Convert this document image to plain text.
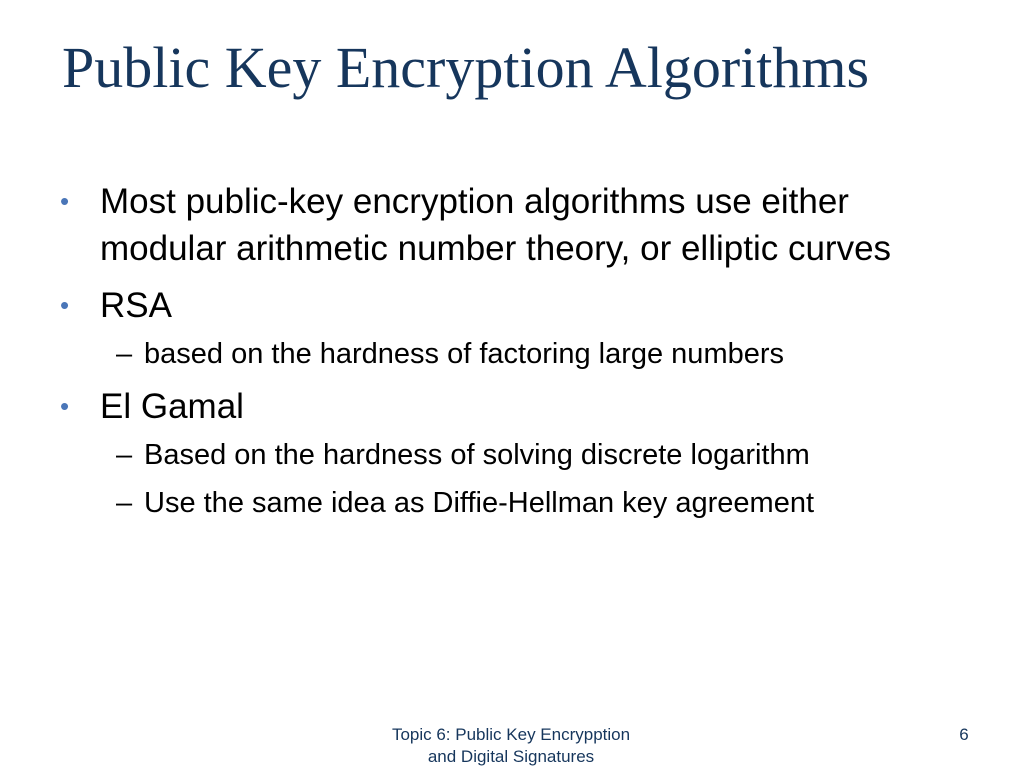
Public Key Encryption Algorithms
• Most public-key encryption algorithms use either modular arithmetic number theory, or elliptic curves
• RSA
– based on the hardness of factoring large numbers
• El Gamal
– Based on the hardness of solving discrete logarithm
– Use the same idea as Diffie-Hellman key agreement
Topic 6: Public Key Encrypption
and Digital Signatures
6
